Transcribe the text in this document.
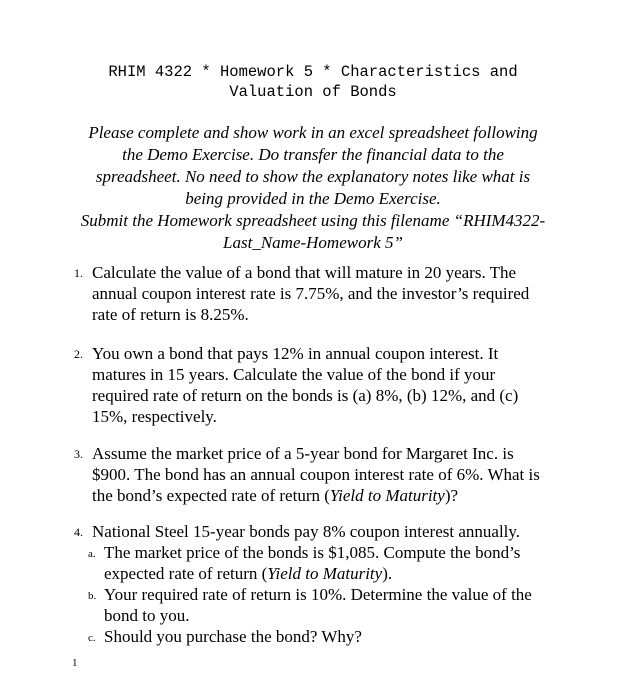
RHIM 4322 * Homework 5 * Characteristics and
Valuation of Bonds
Please complete and show work in an excel spreadsheet following
the Demo Exercise. Do transfer the financial data to the
spreadsheet. No need to show the explanatory notes like what is
being provided in the Demo Exercise.
Submit the Homework spreadsheet using this filename “RHIM4322-
Last_Name-Homework 5”
1. Calculate the value of a bond that will mature in 20 years. The
annual coupon interest rate is 7.75%, and the investor’s required
rate of return is 8.25%.
2. You own a bond that pays 12% in annual coupon interest. It
matures in 15 years. Calculate the value of the bond if your
required rate of return on the bonds is (a) 8%, (b) 12%, and (c)
15%, respectively.
3. Assume the market price of a 5-year bond for Margaret Inc. is
$900. The bond has an annual coupon interest rate of 6%. What is
the bond’s expected rate of return (Yield to Maturity)?
4. National Steel 15-year bonds pay 8% coupon interest annually.
a. The market price of the bonds is $1,085. Compute the bond’s
expected rate of return (Yield to Maturity).
b. Your required rate of return is 10%. Determine the value of the
bond to you.
c. Should you purchase the bond? Why?
1
